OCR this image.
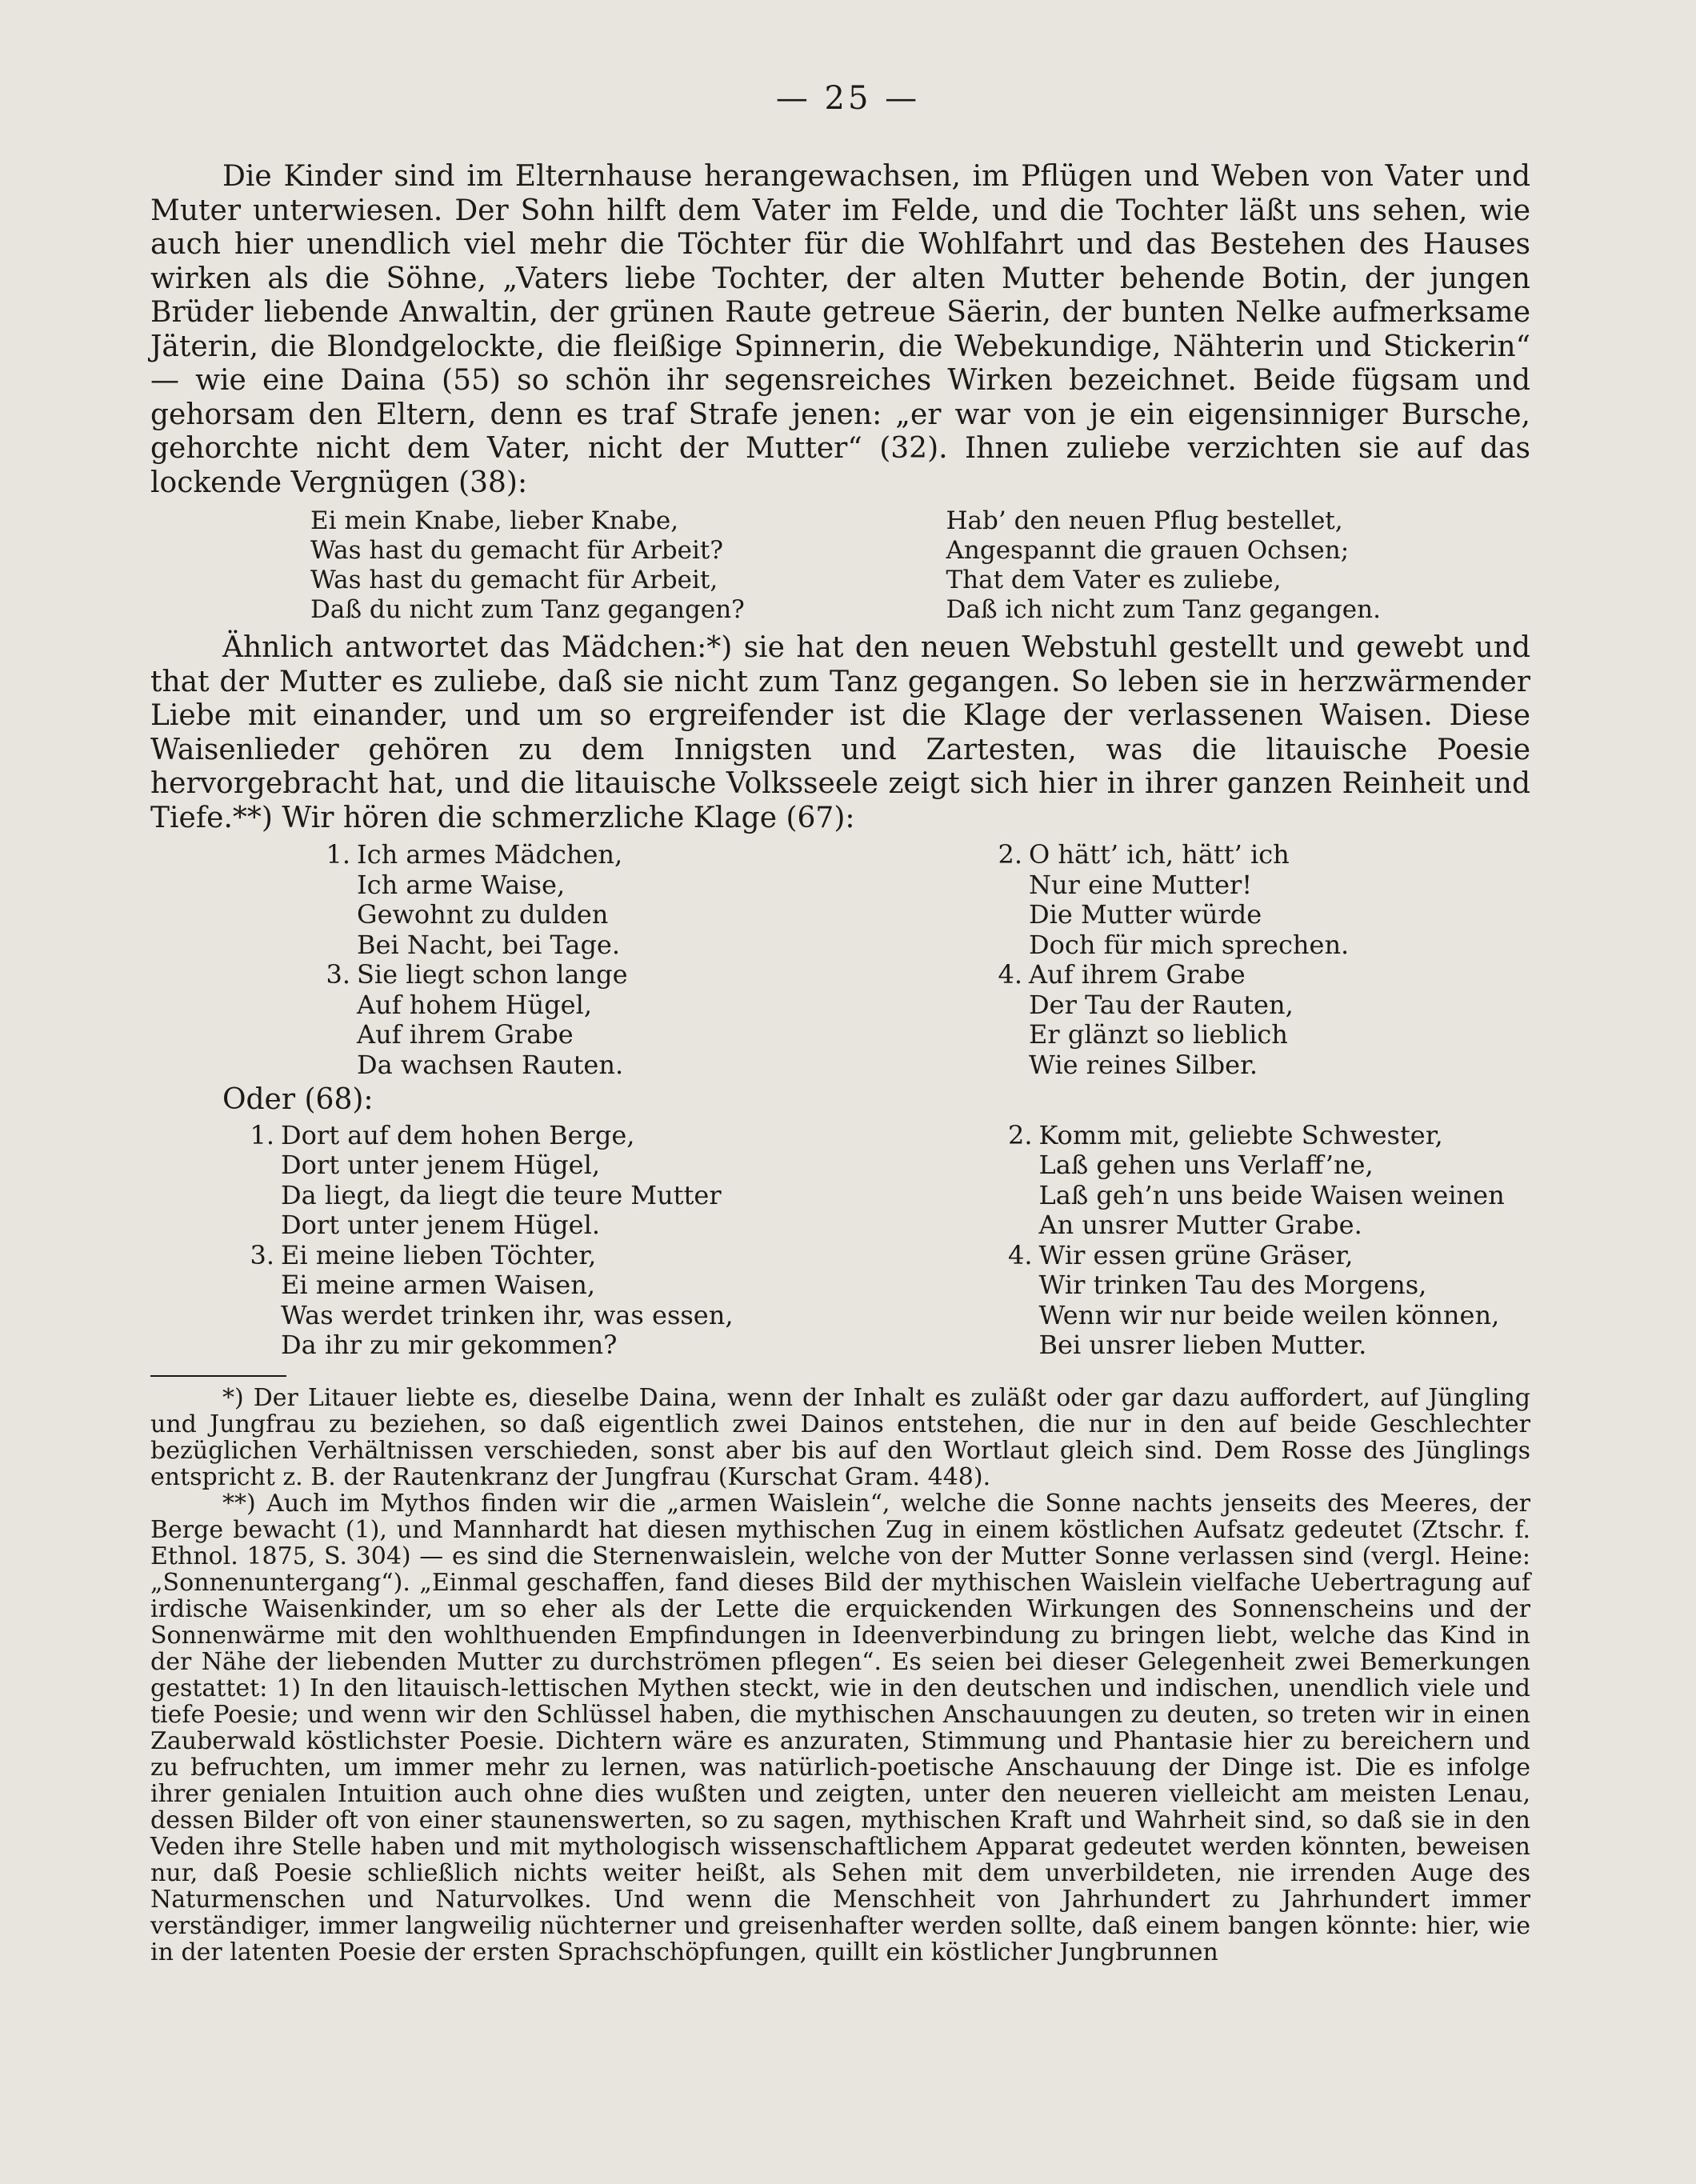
— 25 —

Die Kinder sind im Elternhause herangewachsen, im Pflügen und Weben von Vater und Muter unterwiesen. Der Sohn hilft dem Vater im Felde, und die Tochter läßt uns sehen, wie auch hier unendlich viel mehr die Töchter für die Wohlfahrt und das Bestehen des Hauses wirken als die Söhne, „Vaters liebe Tochter, der alten Mutter behende Botin, der jungen Brüder liebende Anwaltin, der grünen Raute getreue Säerin, der bunten Nelke aufmerksame Jäterin, die Blondgelockte, die fleißige Spinnerin, die Webekundige, Nähterin und Stickerin“ — wie eine Daina (55) so schön ihr segensreiches Wirken bezeichnet. Beide fügsam und gehorsam den Eltern, denn es traf Strafe jenen: „er war von je ein eigensinniger Bursche, gehorchte nicht dem Vater, nicht der Mutter“ (32). Ihnen zuliebe verzichten sie auf das lockende Vergnügen (38):

Ei mein Knabe, lieber Knabe,
Was hast du gemacht für Arbeit?
Was hast du gemacht für Arbeit,
Daß du nicht zum Tanz gegangen?
Hab’ den neuen Pflug bestellet,
Angespannt die grauen Ochsen;
That dem Vater es zuliebe,
Daß ich nicht zum Tanz gegangen.

Ähnlich antwortet das Mädchen:*) sie hat den neuen Webstuhl gestellt und gewebt und that der Mutter es zuliebe, daß sie nicht zum Tanz gegangen. So leben sie in herzwärmender Liebe mit einander, und um so ergreifender ist die Klage der verlassenen Waisen. Diese Waisenlieder gehören zu dem Innigsten und Zartesten, was die litauische Poesie hervorgebracht hat, und die litauische Volksseele zeigt sich hier in ihrer ganzen Reinheit und Tiefe.**) Wir hören die schmerzliche Klage (67):

1. Ich armes Mädchen,
Ich arme Waise,
Gewohnt zu dulden
Bei Nacht, bei Tage.
2. O hätt’ ich, hätt’ ich
Nur eine Mutter!
Die Mutter würde
Doch für mich sprechen.
3. Sie liegt schon lange
Auf hohem Hügel,
Auf ihrem Grabe
Da wachsen Rauten.
4. Auf ihrem Grabe
Der Tau der Rauten,
Er glänzt so lieblich
Wie reines Silber.

Oder (68):

1. Dort auf dem hohen Berge,
Dort unter jenem Hügel,
Da liegt, da liegt die teure Mutter
Dort unter jenem Hügel.
2. Komm mit, geliebte Schwester,
Laß gehen uns Verlaff’ne,
Laß geh’n uns beide Waisen weinen
An unsrer Mutter Grabe.
3. Ei meine lieben Töchter,
Ei meine armen Waisen,
Was werdet trinken ihr, was essen,
Da ihr zu mir gekommen?
4. Wir essen grüne Gräser,
Wir trinken Tau des Morgens,
Wenn wir nur beide weilen können,
Bei unsrer lieben Mutter.

*) Der Litauer liebte es, dieselbe Daina, wenn der Inhalt es zuläßt oder gar dazu auffordert, auf Jüngling und Jungfrau zu beziehen, so daß eigentlich zwei Dainos entstehen, die nur in den auf beide Geschlechter bezüglichen Verhältnissen verschieden, sonst aber bis auf den Wortlaut gleich sind. Dem Rosse des Jünglings entspricht z. B. der Rautenkranz der Jungfrau (Kurschat Gram. 448).

**) Auch im Mythos finden wir die „armen Waislein“, welche die Sonne nachts jenseits des Meeres, der Berge bewacht (1), und Mannhardt hat diesen mythischen Zug in einem köstlichen Aufsatz gedeutet (Ztschr. f. Ethnol. 1875, S. 304) — es sind die Sternenwaislein, welche von der Mutter Sonne verlassen sind (vergl. Heine: „Sonnenuntergang“). „Einmal geschaffen, fand dieses Bild der mythischen Waislein vielfache Uebertragung auf irdische Waisenkinder, um so eher als der Lette die erquickenden Wirkungen des Sonnenscheins und der Sonnenwärme mit den wohlthuenden Empfindungen in Ideenverbindung zu bringen liebt, welche das Kind in der Nähe der liebenden Mutter zu durchströmen pflegen“. Es seien bei dieser Gelegenheit zwei Bemerkungen gestattet: 1) In den litauisch-lettischen Mythen steckt, wie in den deutschen und indischen, unendlich viele und tiefe Poesie; und wenn wir den Schlüssel haben, die mythischen Anschauungen zu deuten, so treten wir in einen Zauberwald köstlichster Poesie. Dichtern wäre es anzuraten, Stimmung und Phantasie hier zu bereichern und zu befruchten, um immer mehr zu lernen, was natürlich-poetische Anschauung der Dinge ist. Die es infolge ihrer genialen Intuition auch ohne dies wußten und zeigten, unter den neueren vielleicht am meisten Lenau, dessen Bilder oft von einer staunenswerten, so zu sagen, mythischen Kraft und Wahrheit sind, so daß sie in den Veden ihre Stelle haben und mit mythologisch wissenschaftlichem Apparat gedeutet werden könnten, beweisen nur, daß Poesie schließlich nichts weiter heißt, als Sehen mit dem unverbildeten, nie irrenden Auge des Naturmenschen und Naturvolkes. Und wenn die Menschheit von Jahrhundert zu Jahrhundert immer verständiger, immer langweilig nüchterner und greisenhafter werden sollte, daß einem bangen könnte: hier, wie in der latenten Poesie der ersten Sprachschöpfungen, quillt ein köstlicher Jungbrunnen
